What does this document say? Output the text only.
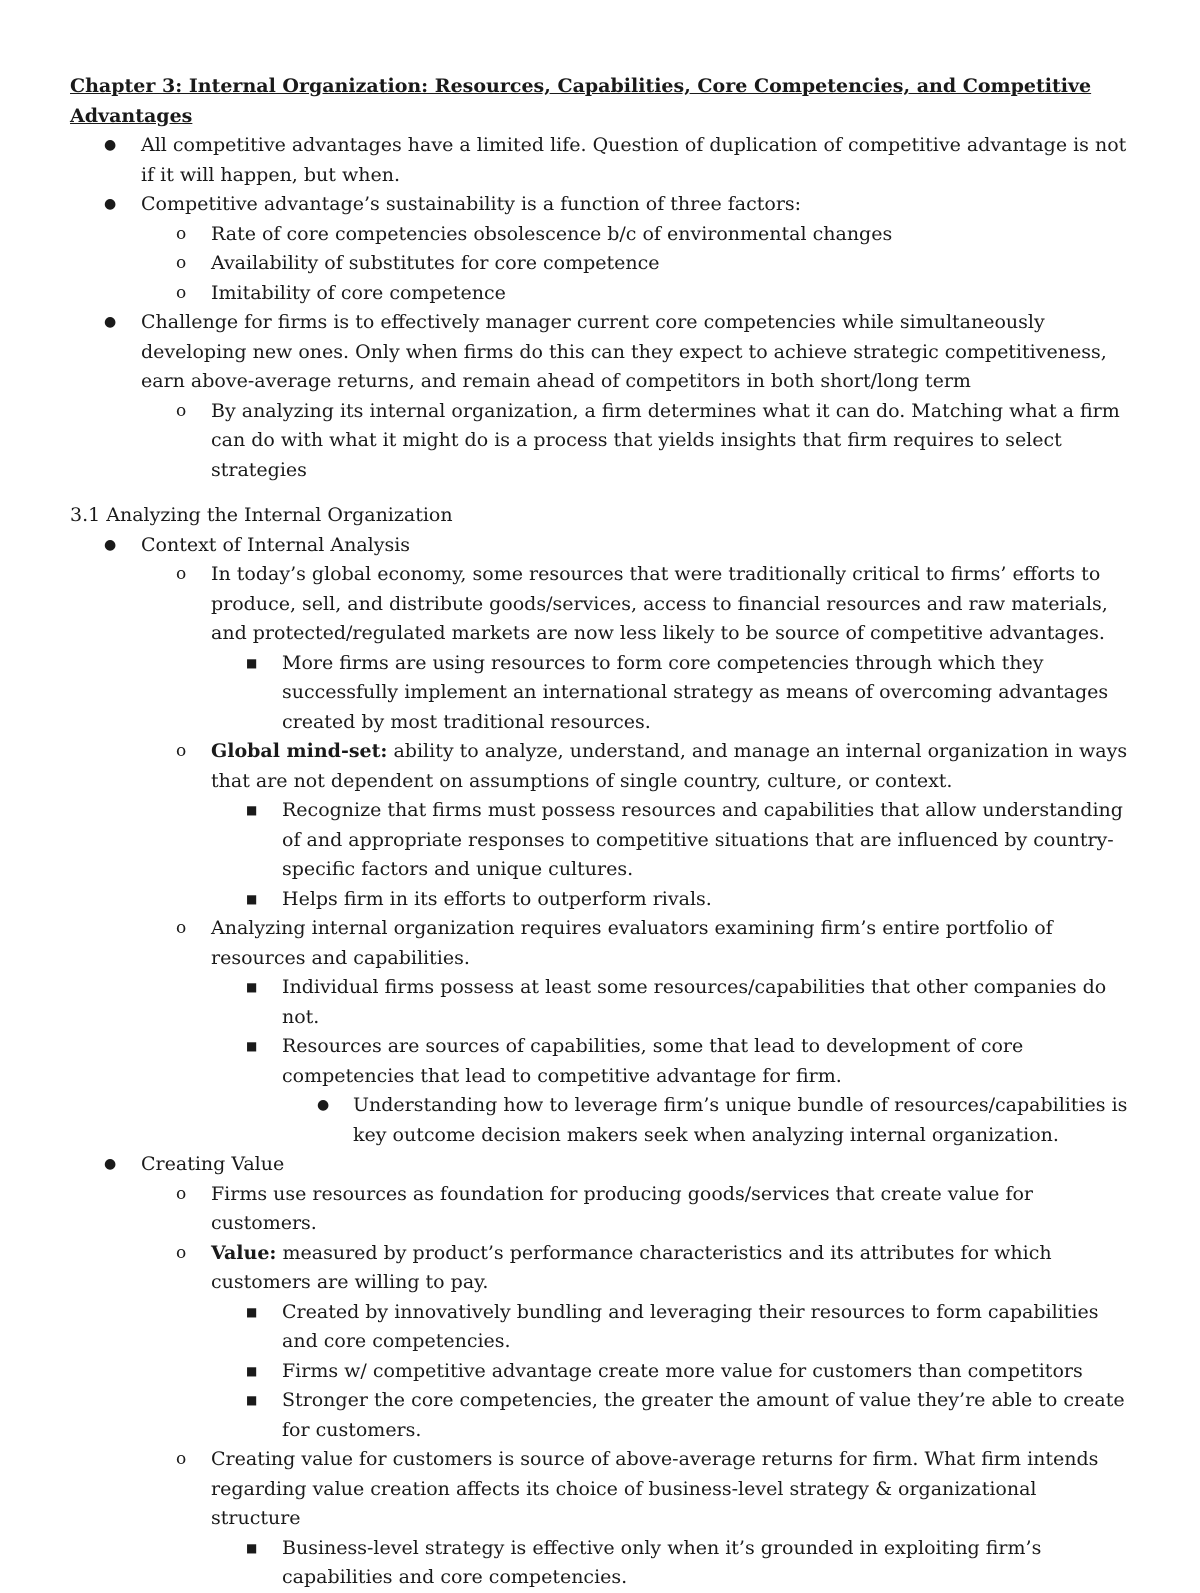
Chapter 3: Internal Organization: Resources, Capabilities, Core Competencies, and Competitive Advantages

● All competitive advantages have a limited life. Question of duplication of competitive advantage is not if it will happen, but when.
● Competitive advantage’s sustainability is a function of three factors:
o Rate of core competencies obsolescence b/c of environmental changes
o Availability of substitutes for core competence
o Imitability of core competence
● Challenge for firms is to effectively manager current core competencies while simultaneously developing new ones. Only when firms do this can they expect to achieve strategic competitiveness, earn above-average returns, and remain ahead of competitors in both short/long term
o By analyzing its internal organization, a firm determines what it can do. Matching what a firm can do with what it might do is a process that yields insights that firm requires to select strategies

3.1 Analyzing the Internal Organization

● Context of Internal Analysis
o In today’s global economy, some resources that were traditionally critical to firms’ efforts to produce, sell, and distribute goods/services, access to financial resources and raw materials, and protected/regulated markets are now less likely to be source of competitive advantages.
■ More firms are using resources to form core competencies through which they successfully implement an international strategy as means of overcoming advantages created by most traditional resources.
o Global mind-set: ability to analyze, understand, and manage an internal organization in ways that are not dependent on assumptions of single country, culture, or context.
■ Recognize that firms must possess resources and capabilities that allow understanding of and appropriate responses to competitive situations that are influenced by country-specific factors and unique cultures.
■ Helps firm in its efforts to outperform rivals.
o Analyzing internal organization requires evaluators examining firm’s entire portfolio of resources and capabilities.
■ Individual firms possess at least some resources/capabilities that other companies do not.
■ Resources are sources of capabilities, some that lead to development of core competencies that lead to competitive advantage for firm.
● Understanding how to leverage firm’s unique bundle of resources/capabilities is key outcome decision makers seek when analyzing internal organization.
● Creating Value
o Firms use resources as foundation for producing goods/services that create value for customers.
o Value: measured by product’s performance characteristics and its attributes for which customers are willing to pay.
■ Created by innovatively bundling and leveraging their resources to form capabilities and core competencies.
■ Firms w/ competitive advantage create more value for customers than competitors
■ Stronger the core competencies, the greater the amount of value they’re able to create for customers.
o Creating value for customers is source of above-average returns for firm. What firm intends regarding value creation affects its choice of business-level strategy & organizational structure
■ Business-level strategy is effective only when it’s grounded in exploiting firm’s capabilities and core competencies.
